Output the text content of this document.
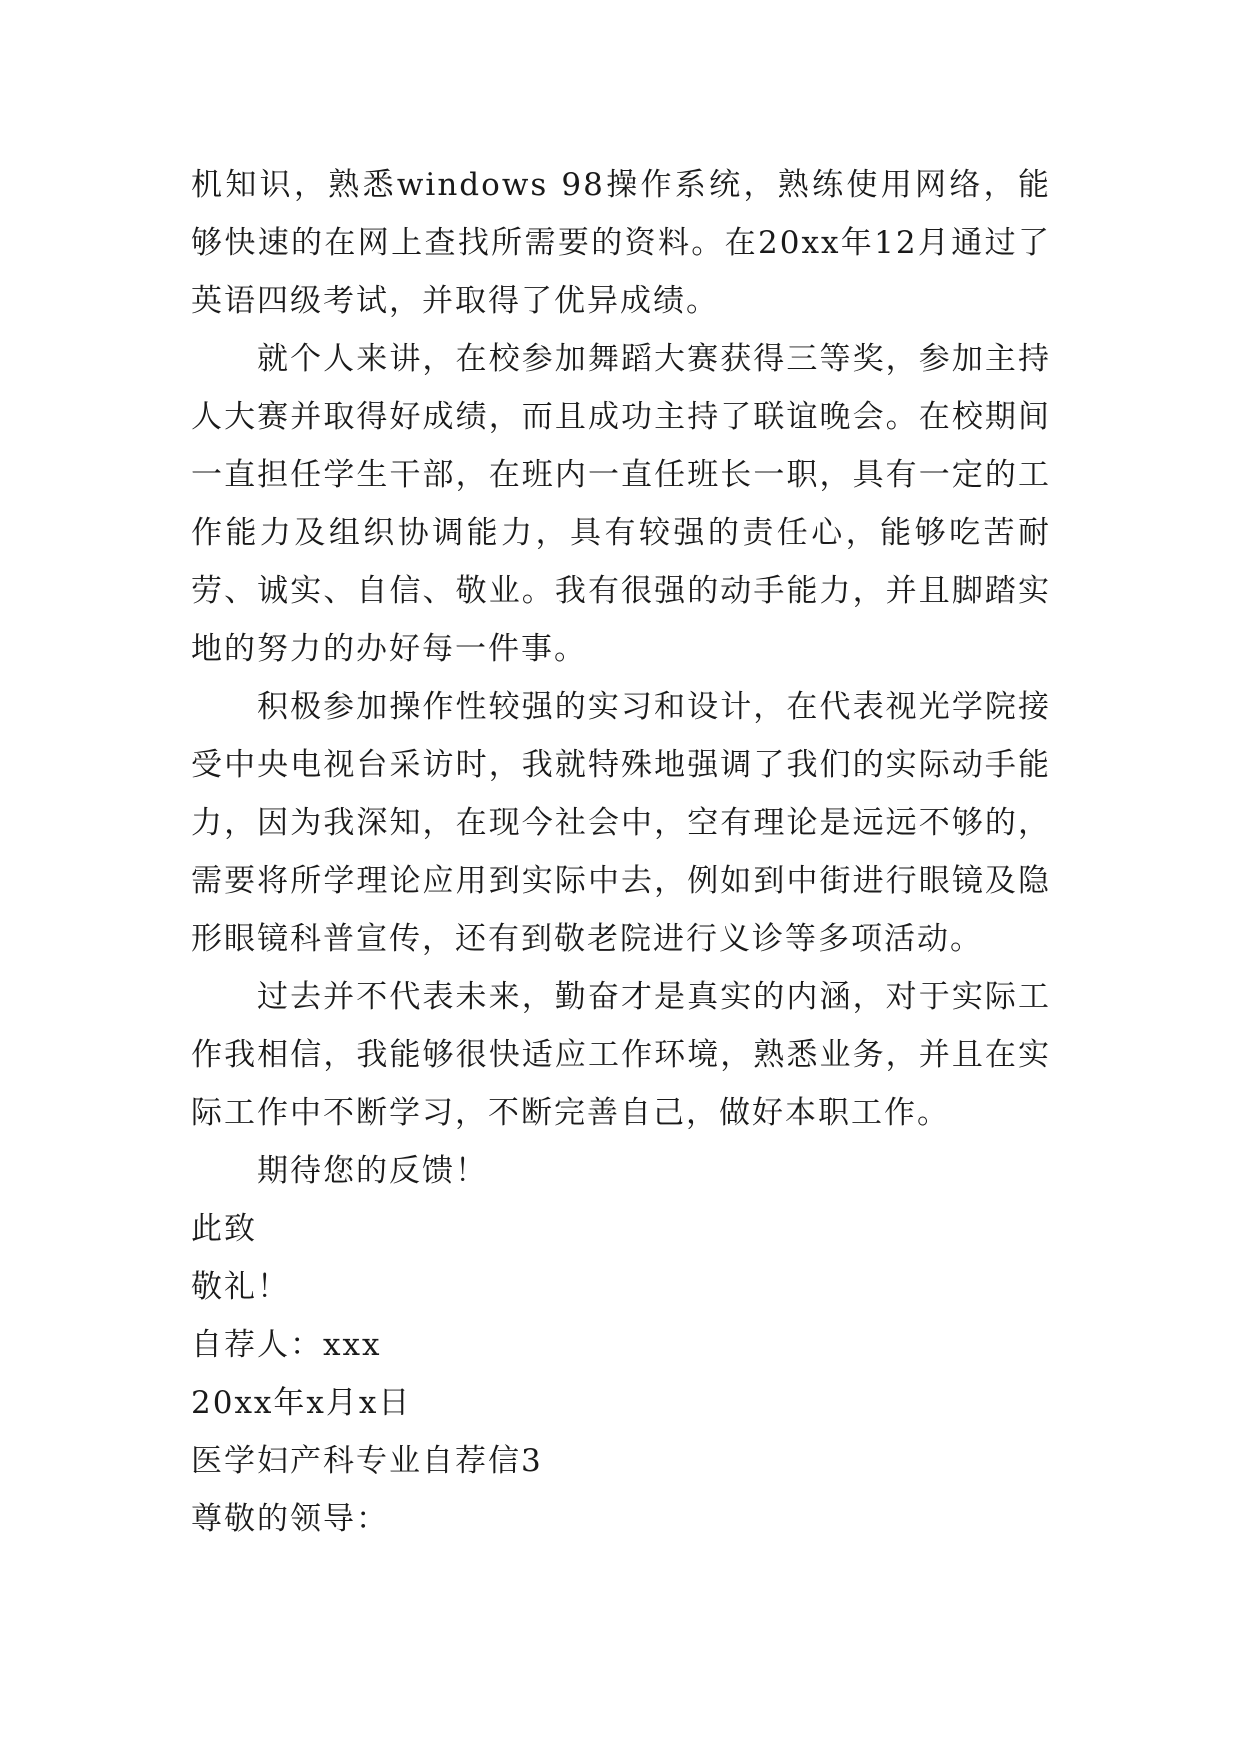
机知识，熟悉windows 98操作系统，熟练使用网络，能够快速的在网上查找所需要的资料。在20xx年12月通过了英语四级考试，并取得了优异成绩。

就个人来讲，在校参加舞蹈大赛获得三等奖，参加主持人大赛并取得好成绩，而且成功主持了联谊晚会。在校期间一直担任学生干部，在班内一直任班长一职，具有一定的工作能力及组织协调能力，具有较强的责任心，能够吃苦耐劳、诚实、自信、敬业。我有很强的动手能力，并且脚踏实地的努力的办好每一件事。

积极参加操作性较强的实习和设计，在代表视光学院接受中央电视台采访时，我就特殊地强调了我们的实际动手能力，因为我深知，在现今社会中，空有理论是远远不够的，需要将所学理论应用到实际中去，例如到中街进行眼镜及隐形眼镜科普宣传，还有到敬老院进行义诊等多项活动。

过去并不代表未来，勤奋才是真实的内涵，对于实际工作我相信，我能够很快适应工作环境，熟悉业务，并且在实际工作中不断学习，不断完善自己，做好本职工作。

期待您的反馈！

此致

敬礼！

自荐人：xxx

20xx年x月x日

医学妇产科专业自荐信3

尊敬的领导：
